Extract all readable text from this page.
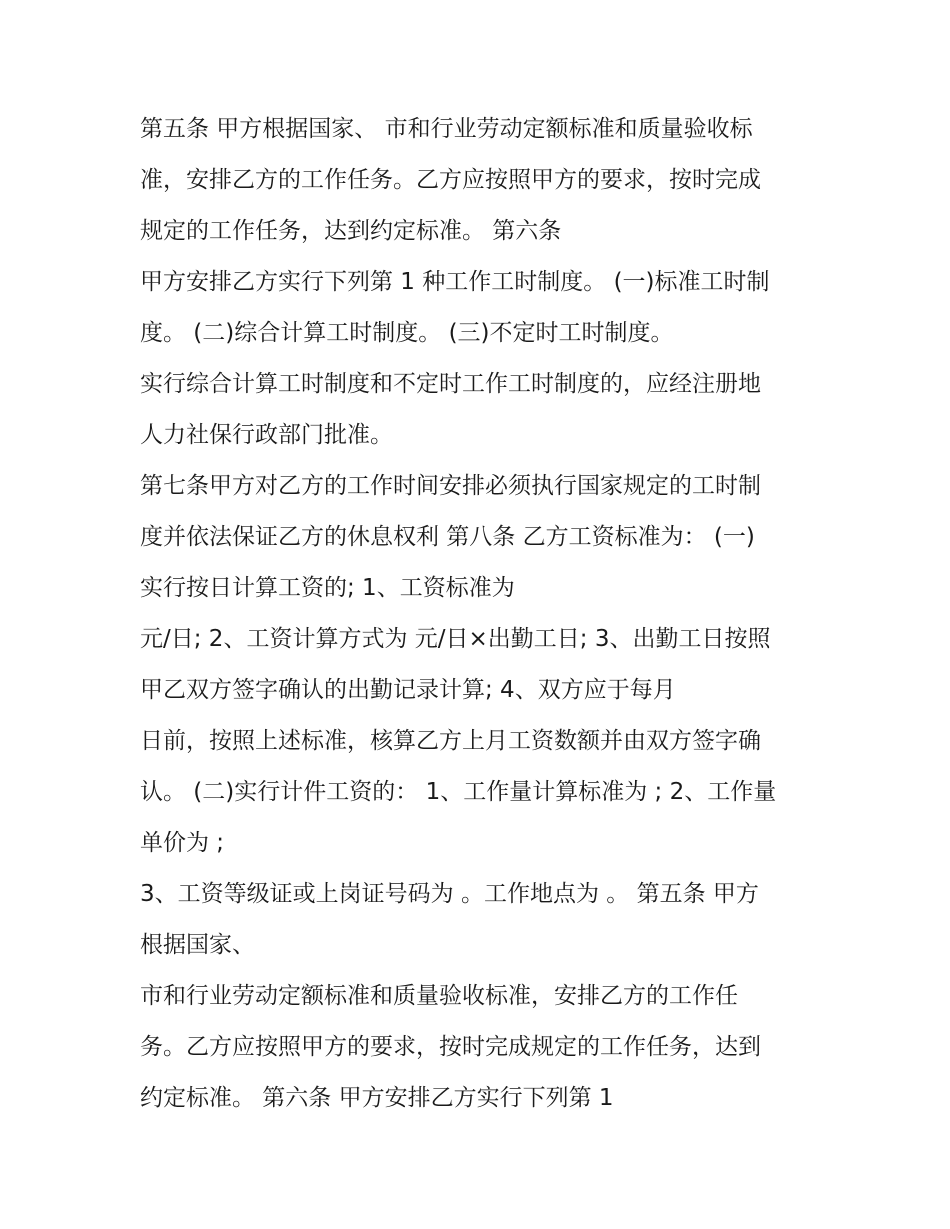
第五条 甲方根据国家、 市和行业劳动定额标准和质量验收标
准，安排乙方的工作任务。乙方应按照甲方的要求，按时完成
规定的工作任务，达到约定标准。 第六条
甲方安排乙方实行下列第 1 种工作工时制度。 (一)标准工时制
度。 (二)综合计算工时制度。 (三)不定时工时制度。
实行综合计算工时制度和不定时工作工时制度的，应经注册地
人力社保行政部门批准。
第七条甲方对乙方的工作时间安排必须执行国家规定的工时制
度并依法保证乙方的休息权利 第八条 乙方工资标准为： (一)
实行按日计算工资的; 1、工资标准为
元/日; 2、工资计算方式为 元/日×出勤工日; 3、出勤工日按照
甲乙双方签字确认的出勤记录计算; 4、双方应于每月
日前，按照上述标准，核算乙方上月工资数额并由双方签字确
认。 (二)实行计件工资的： 1、工作量计算标准为 ; 2、工作量
单价为 ;
3、工资等级证或上岗证号码为 。工作地点为 。 第五条 甲方
根据国家、
市和行业劳动定额标准和质量验收标准，安排乙方的工作任
务。乙方应按照甲方的要求，按时完成规定的工作任务，达到
约定标准。 第六条 甲方安排乙方实行下列第 1
